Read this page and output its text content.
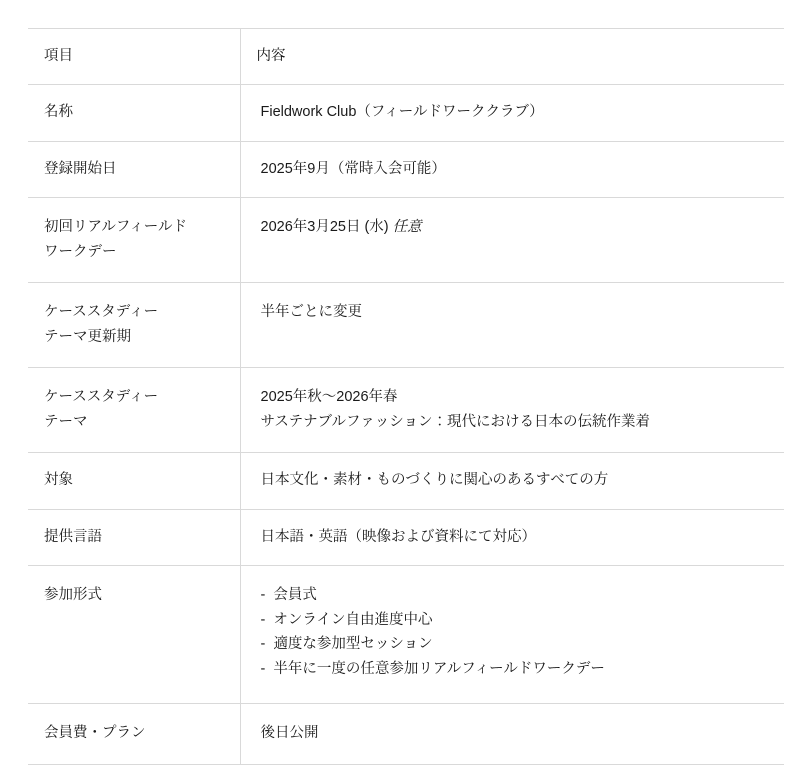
項目	内容
名称	Fieldwork Club（フィールドワーククラブ）

登録開始日	2025年9月（常時入会可能）

初回リアルフィールド
ワークデー	2026年3月25日 (水) 任意

ケーススタディー
テーマ更新期	半年ごとに変更

ケーススタディー
テーマ	2025年秋〜2026年春
サステナブルファッション：現代における日本の伝統作業着

対象	日本文化・素材・ものづくりに関心のあるすべての方

提供言語	日本語・英語（映像および資料にて対応）

参加形式	-  会員式
-  オンライン自由進度中心
-  適度な参加型セッション
-  半年に一度の任意参加リアルフィールドワークデー

会員費・プラン	後日公開
